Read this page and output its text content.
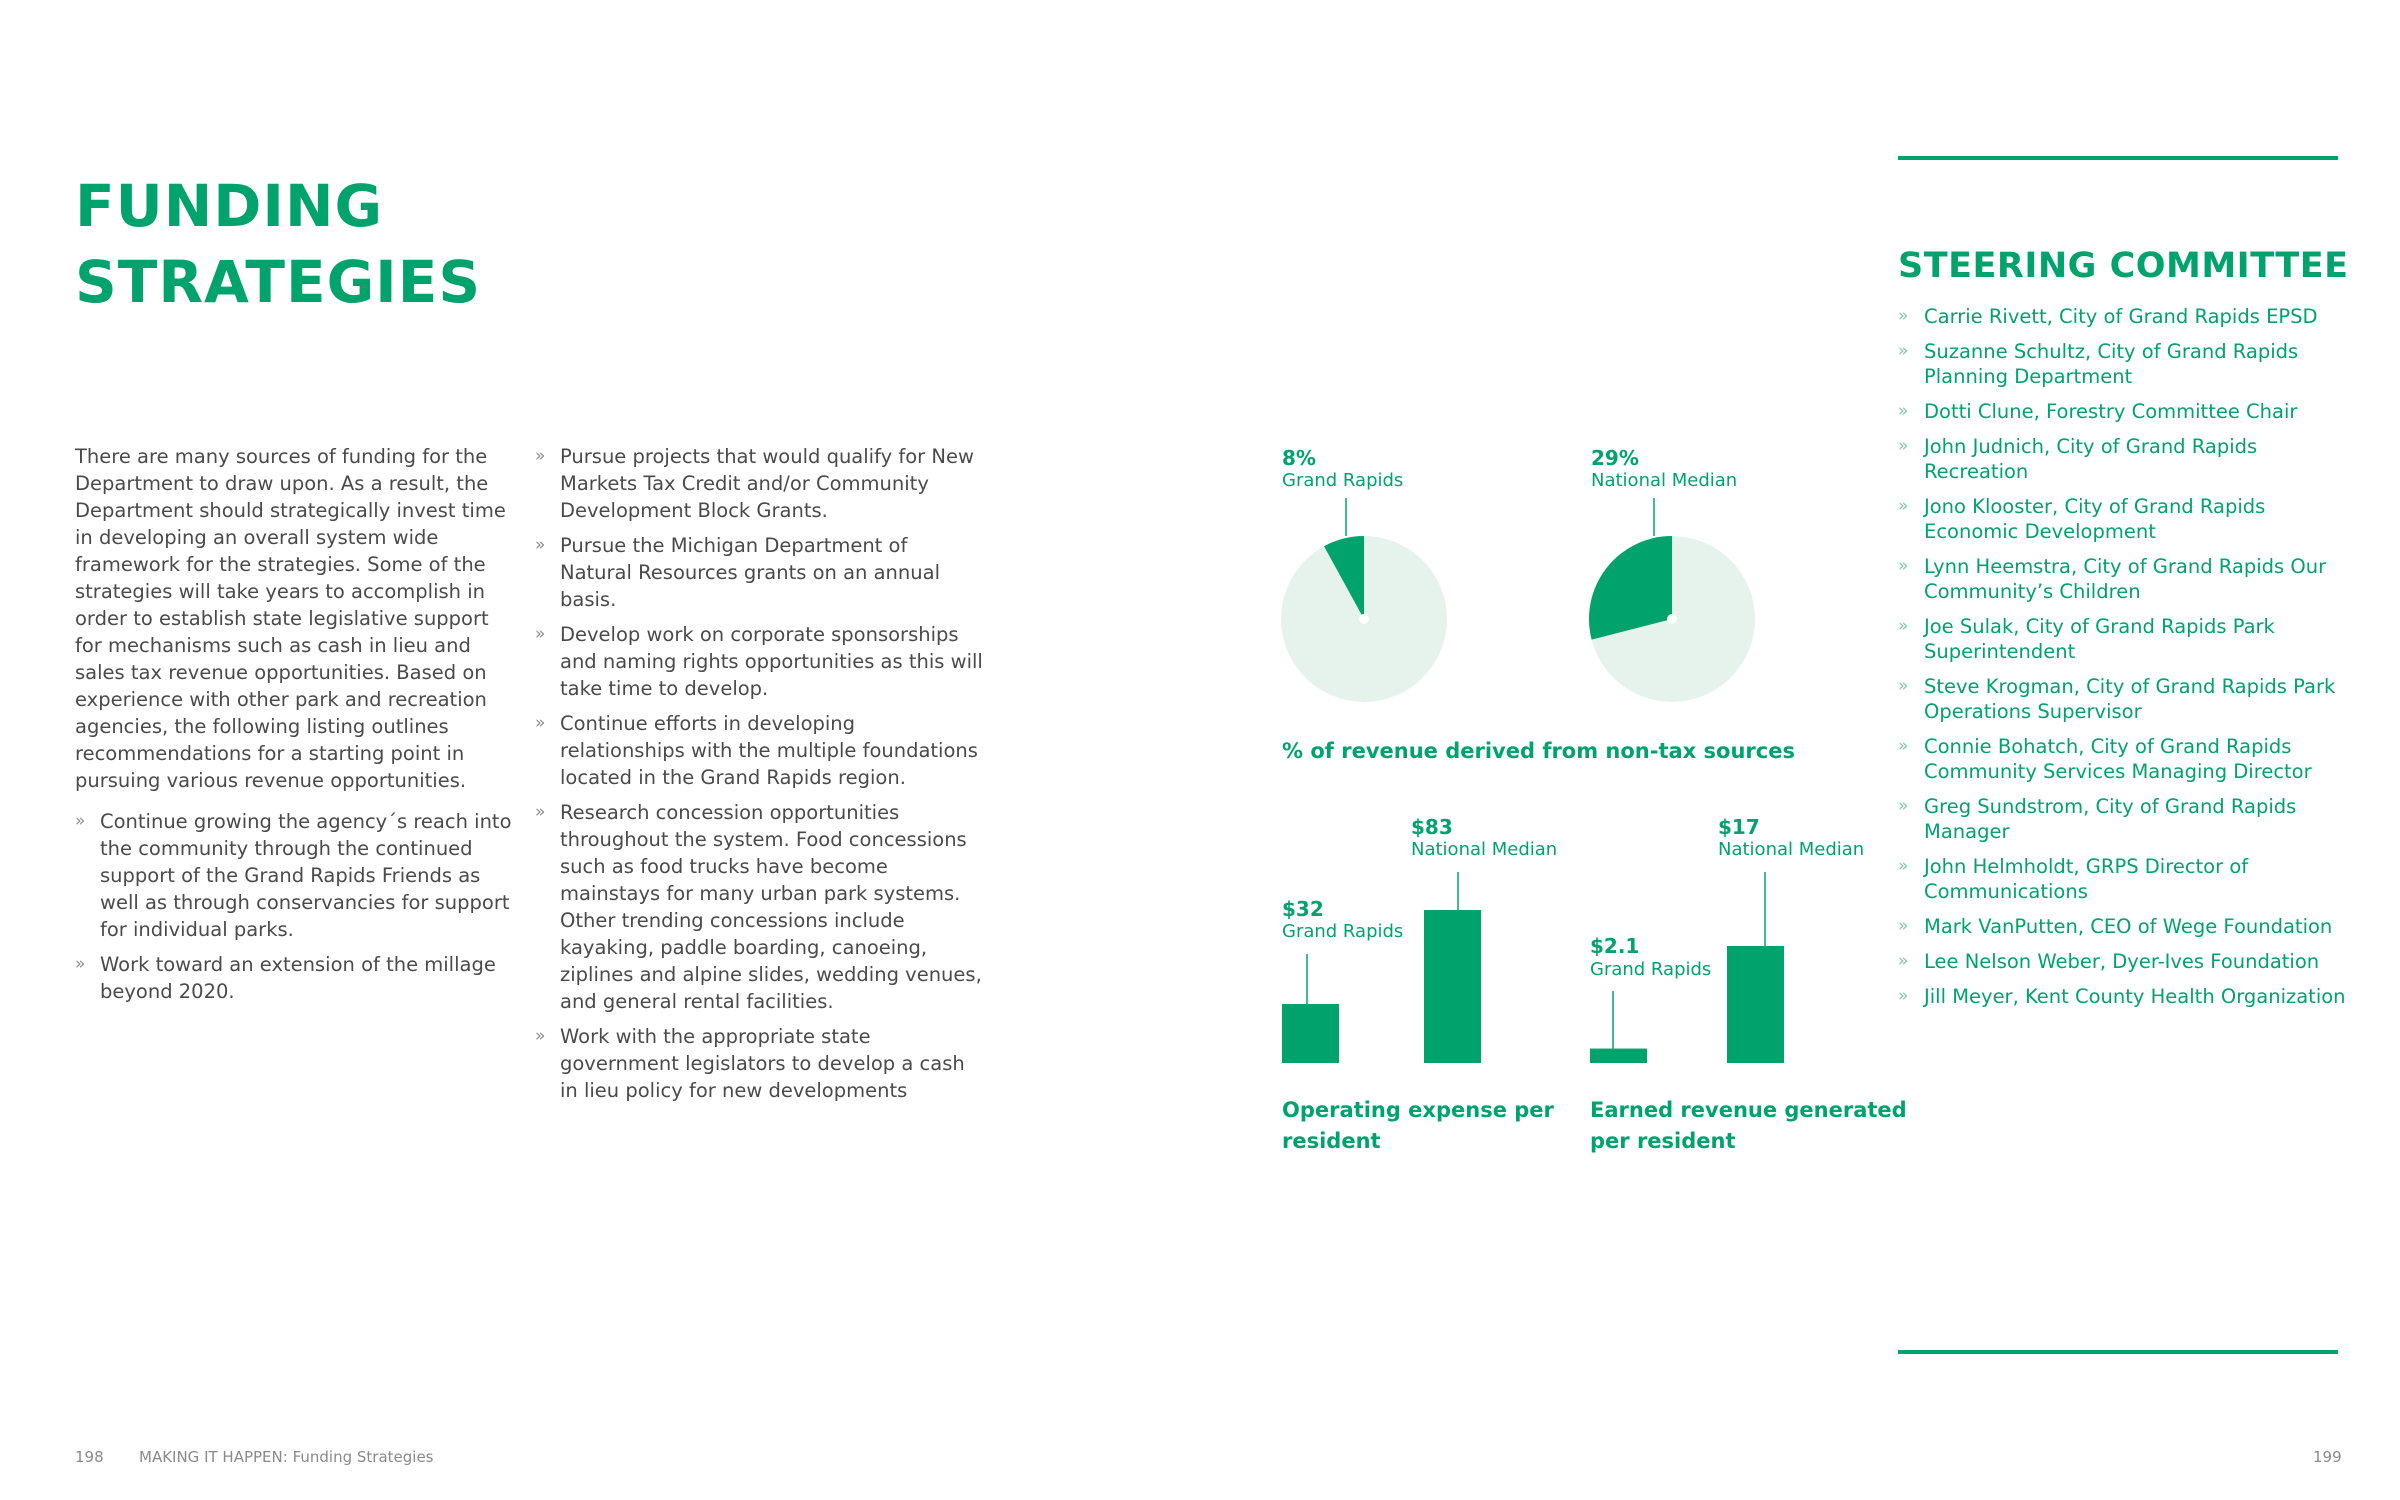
FUNDING
STRATEGIES

There are many sources of funding for the Department to draw upon. As a result, the Department should strategically invest time in developing an overall system wide framework for the strategies. Some of the strategies will take years to accomplish in order to establish state legislative support for mechanisms such as cash in lieu and sales tax revenue opportunities. Based on experience with other park and recreation agencies, the following listing outlines recommendations for a starting point in pursuing various revenue opportunities.

» Continue growing the agency´s reach into the community through the continued support of the Grand Rapids Friends as well as through conservancies for support for individual parks.
» Work toward an extension of the millage beyond 2020.
» Pursue projects that would qualify for New Markets Tax Credit and/or Community Development Block Grants.
» Pursue the Michigan Department of Natural Resources grants on an annual basis.
» Develop work on corporate sponsorships and naming rights opportunities as this will take time to develop.
» Continue efforts in developing relationships with the multiple foundations located in the Grand Rapids region.
» Research concession opportunities throughout the system. Food concessions such as food trucks have become mainstays for many urban park systems. Other trending concessions include kayaking, paddle boarding, canoeing, ziplines and alpine slides, wedding venues, and general rental facilities.
» Work with the appropriate state government legislators to develop a cash in lieu policy for new developments
8%
Grand Rapids
29%
National Median
% of revenue derived from non-tax sources
$32
Grand Rapids
$83
National Median
Operating expense per
resident
$2.1
Grand Rapids
$17
National Median
Earned revenue generated
per resident
STEERING COMMITTEE
» Carrie Rivett, City of Grand Rapids EPSD
» Suzanne Schultz, City of Grand Rapids Planning Department
» Dotti Clune, Forestry Committee Chair
» John Judnich, City of Grand Rapids Recreation
» Jono Klooster, City of Grand Rapids Economic Development
» Lynn Heemstra, City of Grand Rapids Our Community’s Children
» Joe Sulak, City of Grand Rapids Park Superintendent
» Steve Krogman, City of Grand Rapids Park Operations Supervisor
» Connie Bohatch, City of Grand Rapids Community Services Managing Director
» Greg Sundstrom, City of Grand Rapids Manager
» John Helmholdt, GRPS Director of Communications
» Mark VanPutten, CEO of Wege Foundation
» Lee Nelson Weber, Dyer-Ives Foundation
» Jill Meyer, Kent County Health Organization
198 MAKING IT HAPPEN: Funding Strategies	199
